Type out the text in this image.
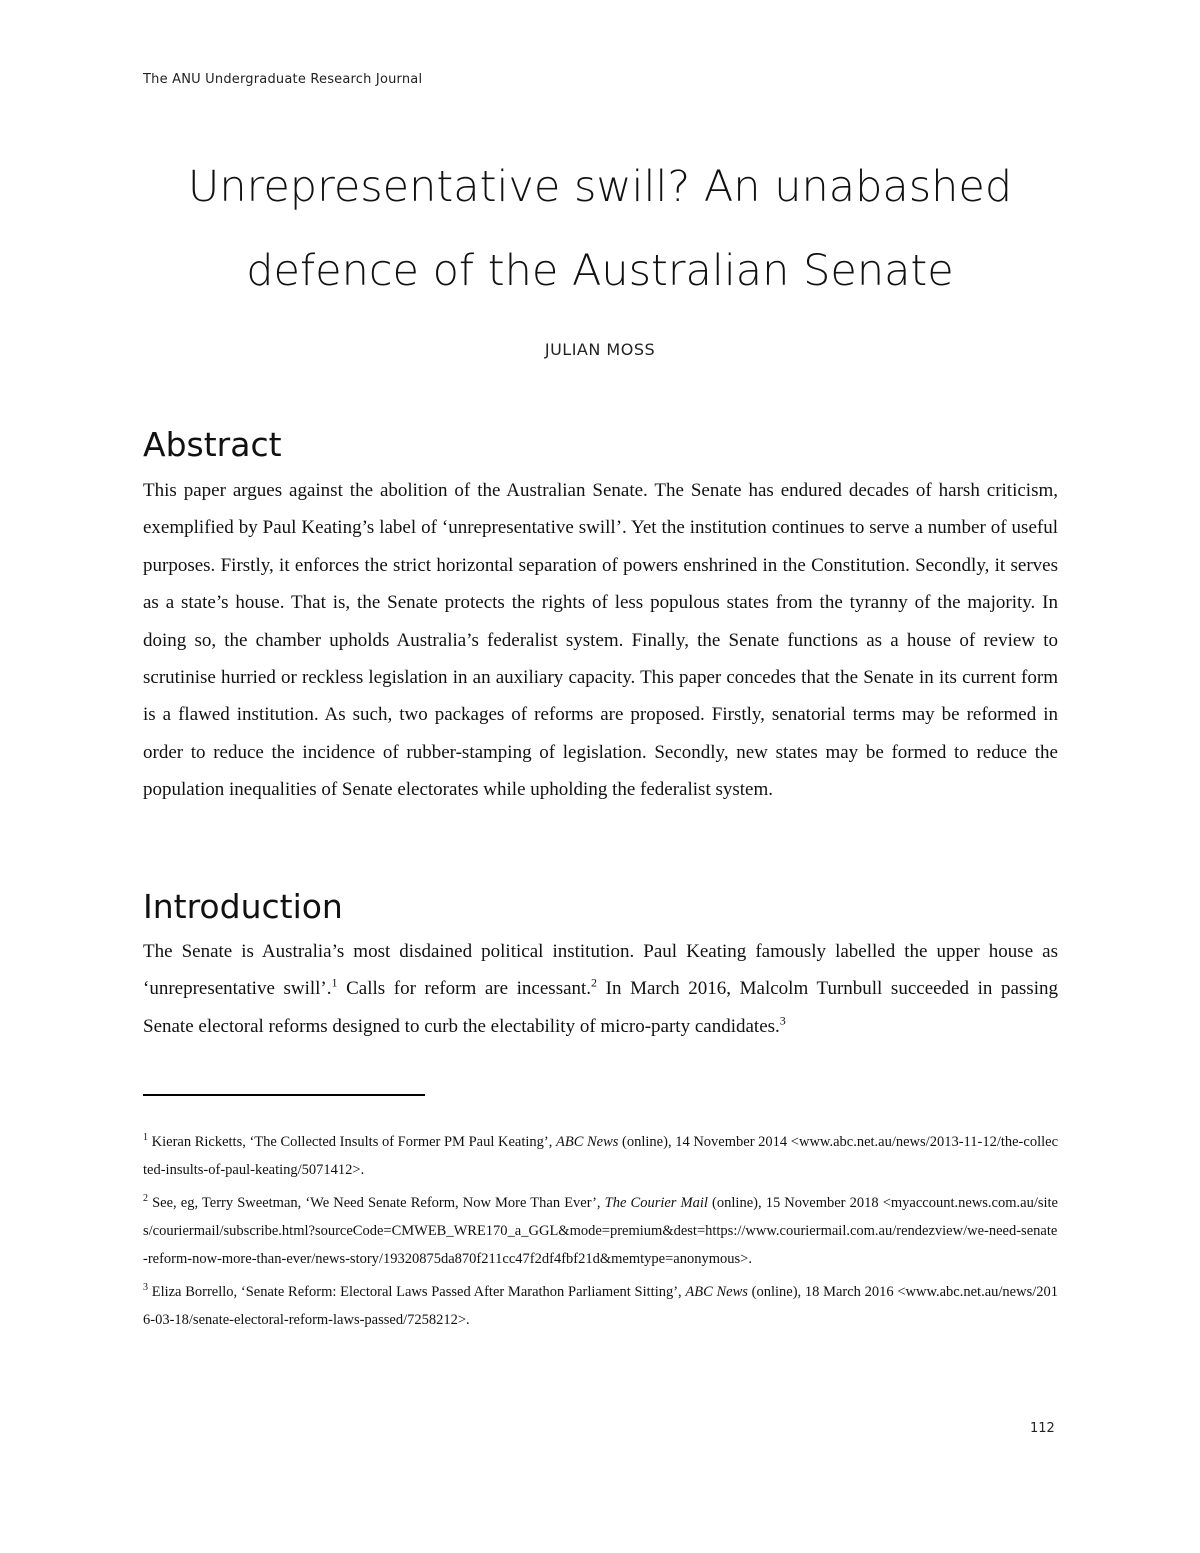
The ANU Undergraduate Research Journal
Unrepresentative swill? An unabashed
defence of the Australian Senate
JULIAN MOSS
Abstract
This paper argues against the abolition of the Australian Senate. The Senate has endured decades of harsh criticism, exemplified by Paul Keating’s label of ‘unrepresentative swill’. Yet the institution continues to serve a number of useful purposes. Firstly, it enforces the strict horizontal separation of powers enshrined in the Constitution. Secondly, it serves as a state’s house. That is, the Senate protects the rights of less populous states from the tyranny of the majority. In doing so, the chamber upholds Australia’s federalist system. Finally, the Senate functions as a house of review to scrutinise hurried or reckless legislation in an auxiliary capacity. This paper concedes that the Senate in its current form is a flawed institution. As such, two packages of reforms are proposed. Firstly, senatorial terms may be reformed in order to reduce the incidence of rubber-stamping of legislation. Secondly, new states may be formed to reduce the population inequalities of Senate electorates while upholding the federalist system.
Introduction
The Senate is Australia’s most disdained political institution. Paul Keating famously labelled the upper house as ‘unrepresentative swill’.$^1$ Calls for reform are incessant.$^2$ In March 2016, Malcolm Turnbull succeeded in passing Senate electoral reforms designed to curb the electability of micro-party candidates.$^3$

$^1$ Kieran Ricketts, ‘The Collected Insults of Former PM Paul Keating’, ABC News (online), 14 November 2014 <www.abc.net.au/news/2013-11-12/the-collected-insults-of-paul-keating/5071412>.

$^2$ See, eg, Terry Sweetman, ‘We Need Senate Reform, Now More Than Ever’, The Courier Mail (online), 15 November 2018 <myaccount.news.com.au/sites/couriermail/subscribe.html?sourceCode=CMWEB_WRE170_a_GGL&mode=premium&dest=https://www.couriermail.com.au/rendezview/we-need-senate-reform-now-more-than-ever/news-story/19320875da870f211cc47f2df4fbf21d&memtype=anonymous>.

$^3$ Eliza Borrello, ‘Senate Reform: Electoral Laws Passed After Marathon Parliament Sitting’, ABC News (online), 18 March 2016 <www.abc.net.au/news/2016-03-18/senate-electoral-reform-laws-passed/7258212>.

112
